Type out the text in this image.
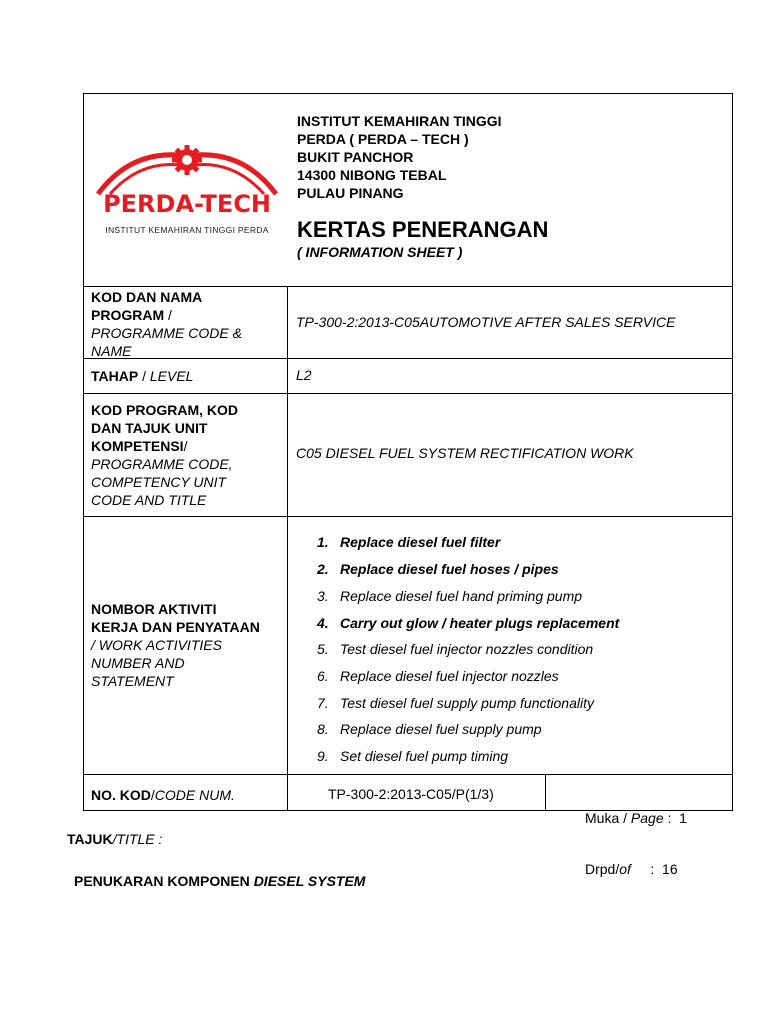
PERDA-TECH
INSTITUT KEMAHIRAN TINGGI PERDA
INSTITUT KEMAHIRAN TINGGI
PERDA ( PERDA – TECH )
BUKIT PANCHOR
14300 NIBONG TEBAL
PULAU PINANG
KERTAS PENERANGAN
( INFORMATION SHEET )
KOD DAN NAMA
PROGRAM /
PROGRAMME CODE &
NAME
TP-300-2:2013-C05AUTOMOTIVE AFTER SALES SERVICE
TAHAP / LEVEL	L2
KOD PROGRAM, KOD
DAN TAJUK UNIT
KOMPETENSI/
PROGRAMME CODE,
COMPETENCY UNIT
CODE AND TITLE
C05 DIESEL FUEL SYSTEM RECTIFICATION WORK
NOMBOR AKTIVITI
KERJA DAN PENYATAAN
/ WORK ACTIVITIES
NUMBER AND
STATEMENT
1. Replace diesel fuel filter
2. Replace diesel fuel hoses / pipes
3. Replace diesel fuel hand priming pump
4. Carry out glow / heater plugs replacement
5. Test diesel fuel injector nozzles condition
6. Replace diesel fuel injector nozzles
7. Test diesel fuel supply pump functionality
8. Replace diesel fuel supply pump
9. Set diesel fuel pump timing
NO. KOD/CODE NUM.	TP-300-2:2013-C05/P(1/3)

Muka / Page :  1

Drpd/of     :  16

TAJUK/TITLE :
PENUKARAN KOMPONEN DIESEL SYSTEM
